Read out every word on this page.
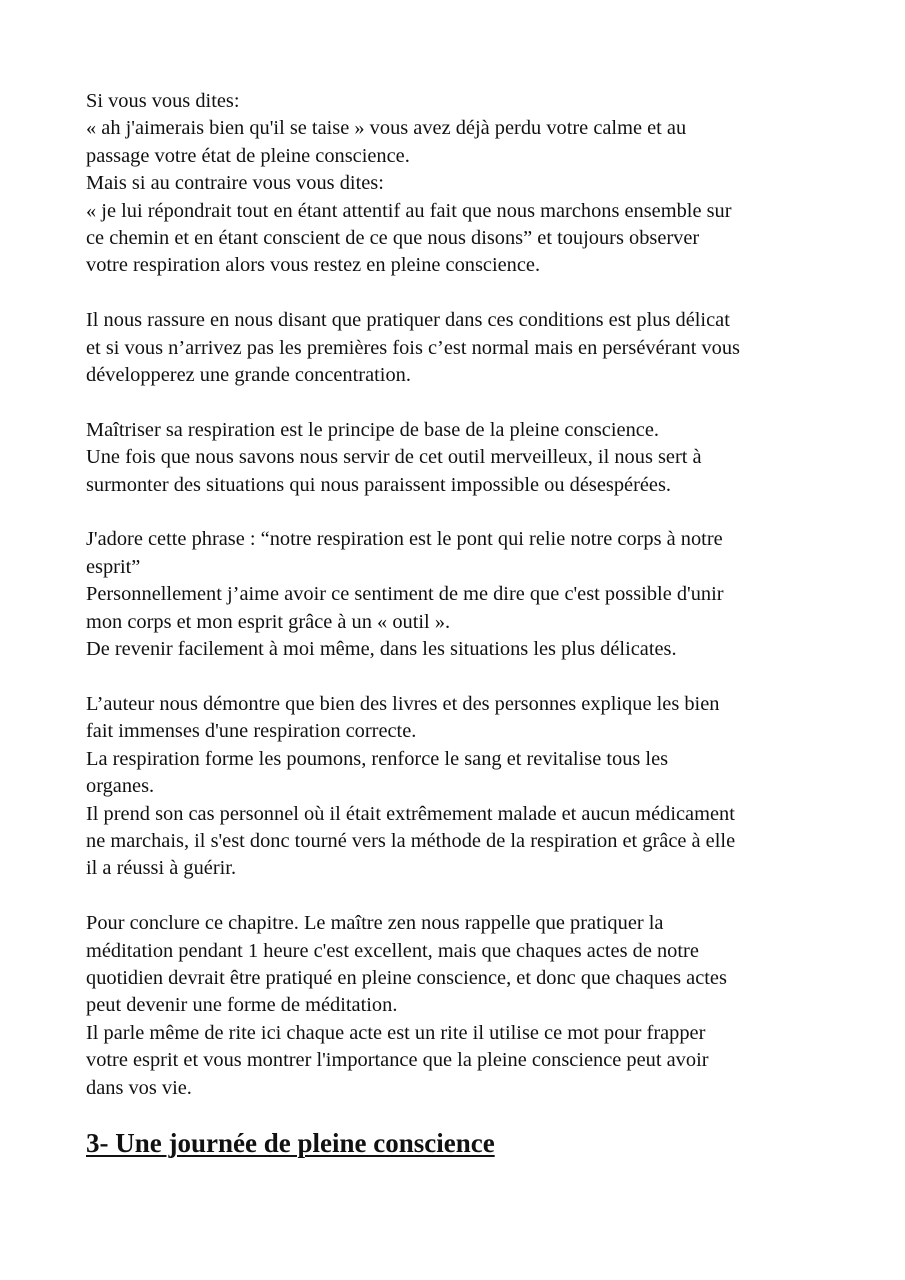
Si vous vous dites:
« ah j'aimerais bien qu'il se taise » vous avez déjà perdu votre calme et au
passage votre état de pleine conscience.
Mais si au contraire vous vous dites:
« je lui répondrait tout en étant attentif au fait que nous marchons ensemble sur
ce chemin et en étant conscient de ce que nous disons” et toujours observer
votre respiration alors vous restez en pleine conscience.

Il nous rassure en nous disant que pratiquer dans ces conditions est plus délicat
et si vous n’arrivez pas les premières fois c’est normal mais en persévérant vous
développerez une grande concentration.

Maîtriser sa respiration est le principe de base de la pleine conscience.
Une fois que nous savons nous servir de cet outil merveilleux, il nous sert à
surmonter des situations qui nous paraissent impossible ou désespérées.

J'adore cette phrase : “notre respiration est le pont qui relie notre corps à notre
esprit”
Personnellement j’aime avoir ce sentiment de me dire que c'est possible d'unir
mon corps et mon esprit grâce à un « outil ».
De revenir facilement à moi même, dans les situations les plus délicates.

L’auteur nous démontre que bien des livres et des personnes explique les bien
fait immenses d'une respiration correcte.
La respiration forme les poumons, renforce le sang et revitalise tous les
organes.
Il prend son cas personnel où il était extrêmement malade et aucun médicament
ne marchais, il s'est donc tourné vers la méthode de la respiration et grâce à elle
il a réussi à guérir.

Pour conclure ce chapitre. Le maître zen nous rappelle que pratiquer la
méditation pendant 1 heure c'est excellent, mais que chaques actes de notre
quotidien devrait être pratiqué en pleine conscience, et donc que chaques actes
peut devenir une forme de méditation.
Il parle même de rite ici chaque acte est un rite il utilise ce mot pour frapper
votre esprit et vous montrer l'importance que la pleine conscience peut avoir
dans vos vie.

3- Une journée de pleine conscience
